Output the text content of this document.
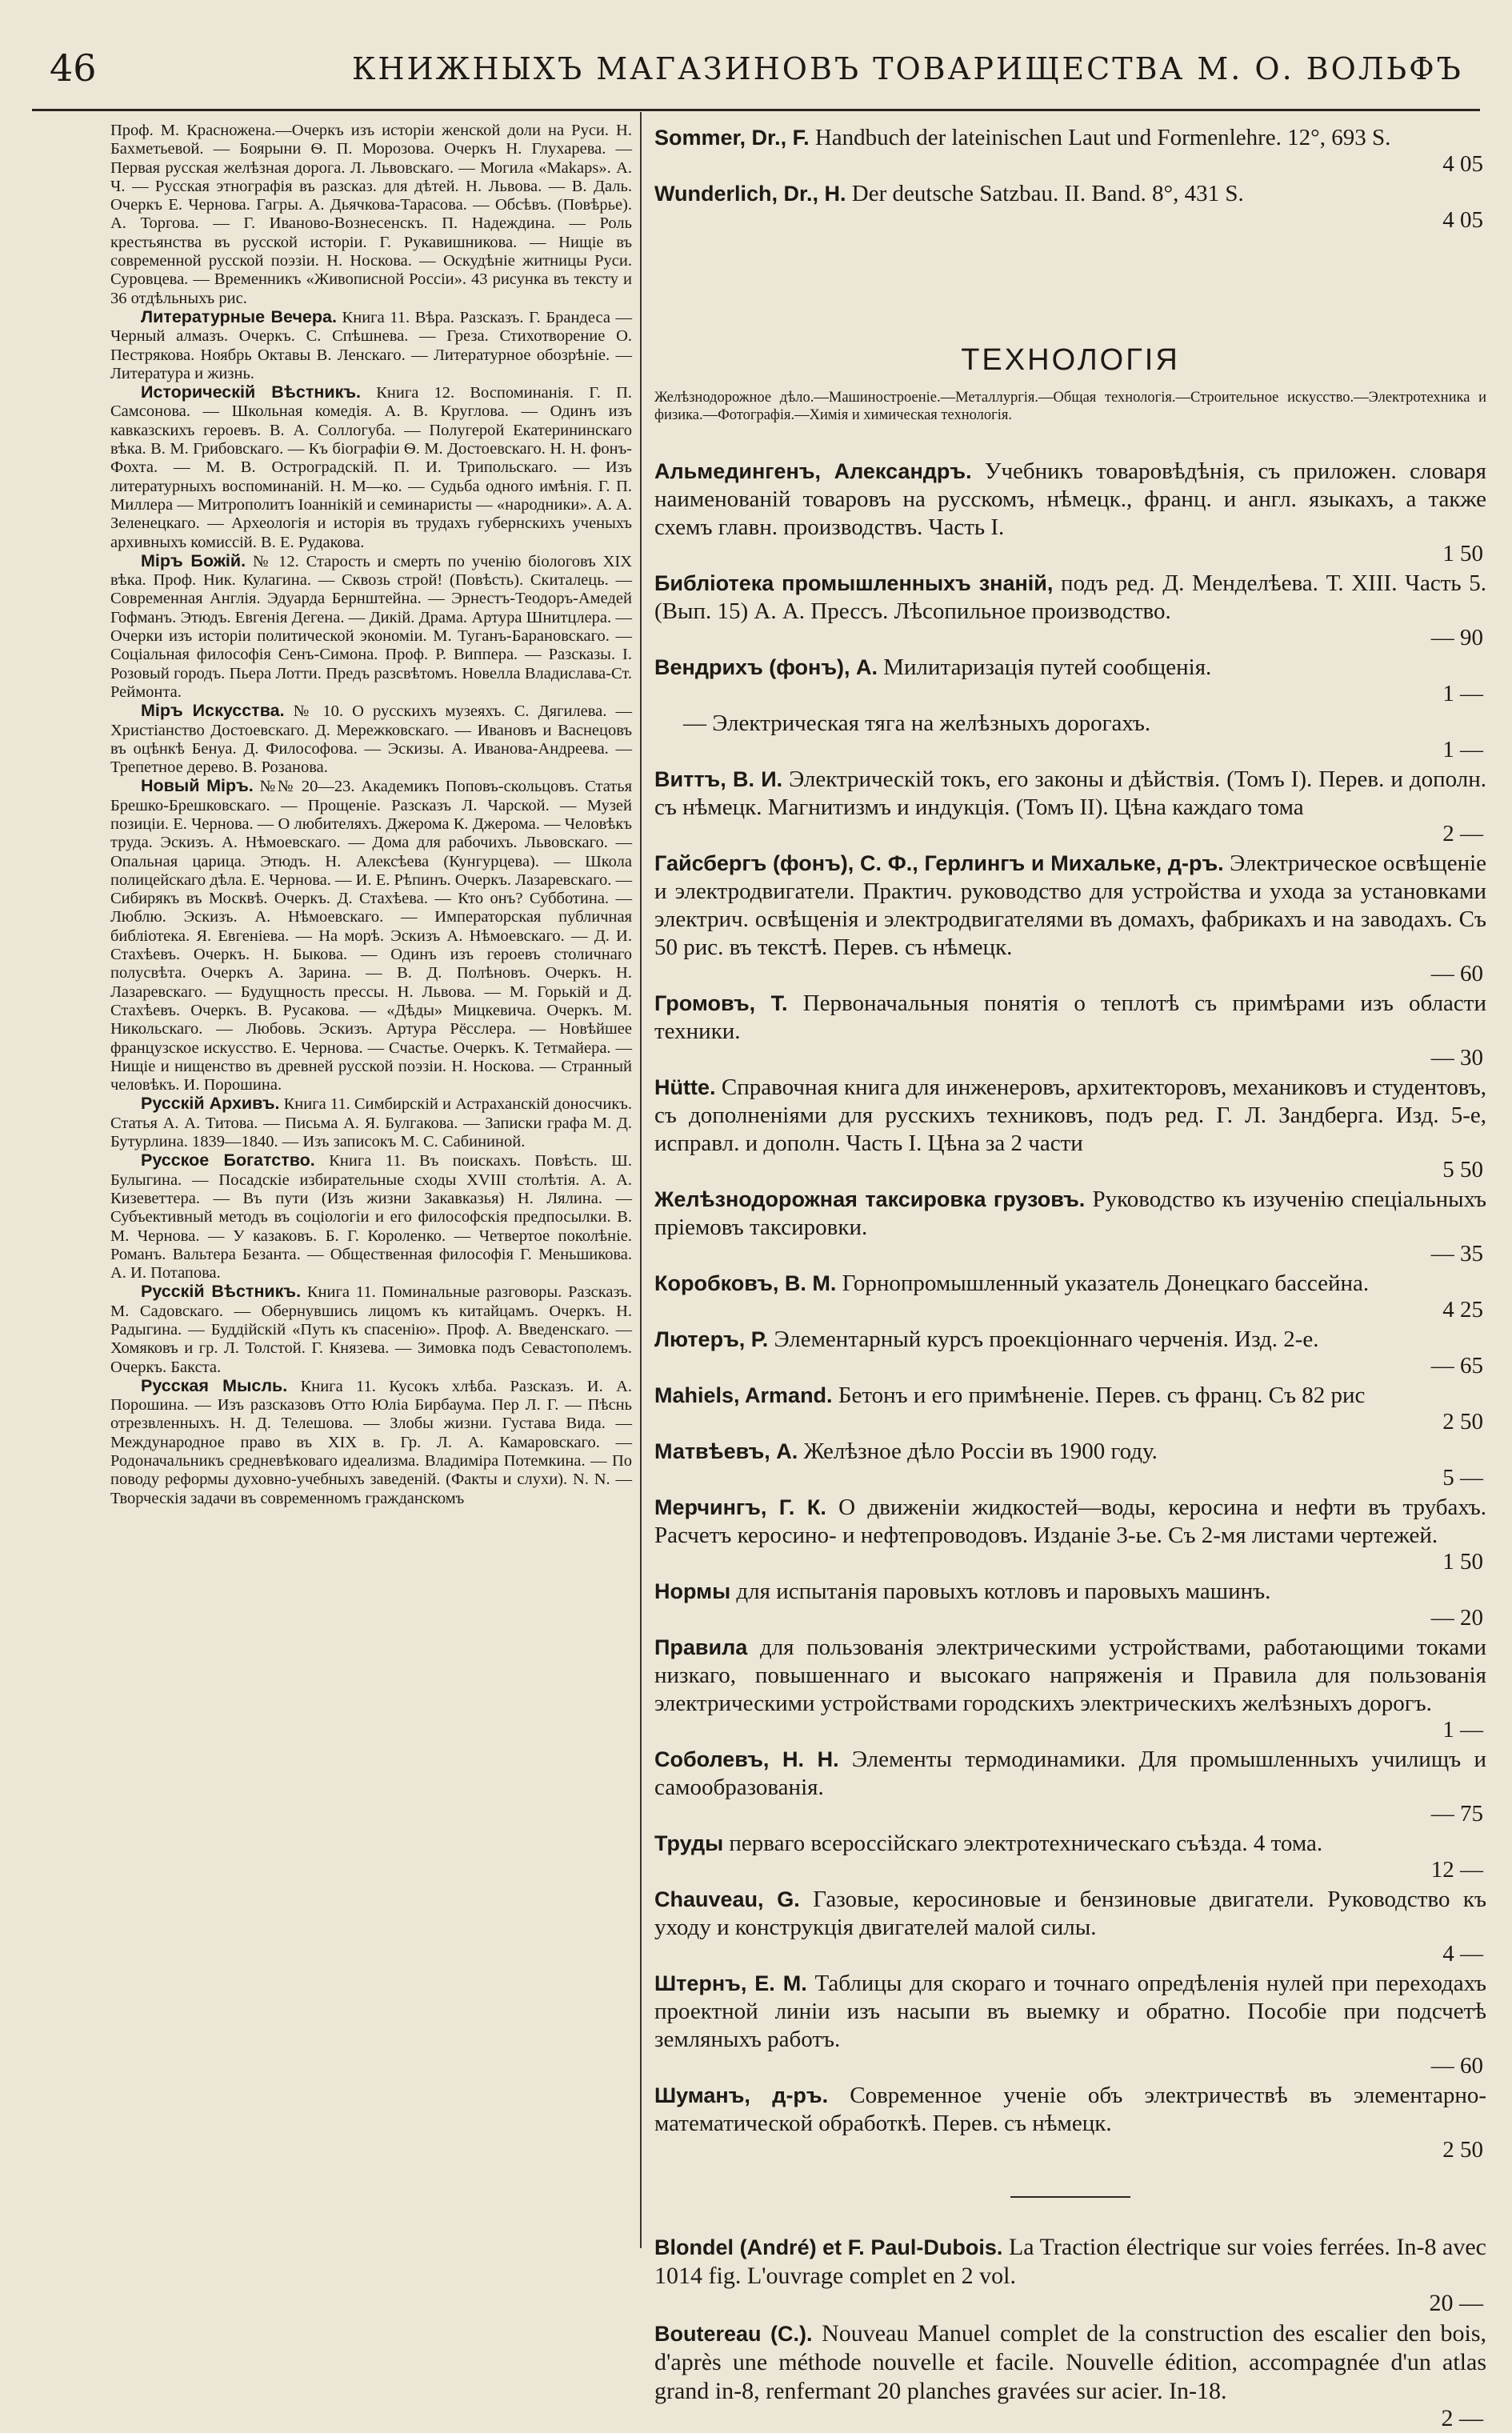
46	КНИЖНЫХЪ МАГАЗИНОВЪ ТОВАРИЩЕСТВА М. О. ВОЛЬФЪ

Проф. М. Красножена.—Очеркъ изъ исторіи женской доли на Руси. Н. Бахметьевой. — Боярыни Ѳ. П. Морозова. Очеркъ Н. Глухарева. — Первая русская желѣзная дорога. Л. Львовскаго. — Могила «Маkaps». А. Ч. — Русская этнографія въ разсказ. для дѣтей. Н. Львова. — В. Даль. Очеркъ Е. Чернова. Гагры. А. Дьячкова-Тарасова. — Обсѣвъ. (Повѣрье). А. Торгова. — Г. Иваново-Вознесенскъ. П. Надеждина. — Роль крестьянства въ русской исторіи. Г. Рукавишникова. — Нищіе въ современной русской поэзіи. Н. Носкова. — Оскудѣніе житницы Руси. Суровцева. — Временникъ «Живописной Россіи». 43 рисунка въ тексту и 36 отдѣльныхъ рис.

Литературные Вечера. Книга 11. Вѣра. Разсказъ. Г. Брандеса — Черный алмазъ. Очеркъ. С. Спѣшнева. — Греза. Стихотворение О. Пестрякова. Ноябрь Октавы В. Ленскаго. — Литературное обозрѣніе. — Литература и жизнь.

Историческій Вѣстникъ. Книга 12. Воспоминанія. Г. П. Самсонова. — Школьная комедія. А. В. Круглова. — Одинъ изъ кавказскихъ героевъ. В. А. Соллогуба. — Полугерой Екатерининскаго вѣка. В. М. Грибовскаго. — Къ біографіи Ѳ. М. Достоевскаго. Н. Н. фонъ-Фохта. — М. В. Остроградскій. П. И. Трипольскаго. — Изъ литературныхъ воспоминаній. Н. М—ко. — Судьба одного имѣнія. Г. П. Миллера — Митрополитъ Іоаннікій и семинаристы — «народники». А. А. Зеленецкаго. — Археологія и исторія въ трудахъ губернскихъ ученыхъ архивныхъ комиссій. В. Е. Рудакова.

Міръ Божій. № 12. Старость и смерть по ученію біологовъ XIX вѣка. Проф. Ник. Кулагина. — Сквозь строй! (Повѣсть). Скиталець. — Современная Англія. Эдуарда Бернштейна. — Эрнестъ-Теодоръ-Амедей Гофманъ. Этюдъ. Евгенія Дегена. — Дикій. Драма. Артура Шнитцлера. — Очерки изъ исторіи политической экономіи. М. Туганъ-Барановскаго. — Соціальная философія Сенъ-Симона. Проф. Р. Виппера. — Разсказы. І. Розовый городъ. Пьера Лотти. Предъ разсвѣтомъ. Новелла Владислава-Ст. Реймонта.

Міръ Искусства. № 10. О русскихъ музеяхъ. С. Дягилева. — Христіанство Достоевскаго. Д. Мережковскаго. — Ивановъ и Васнецовъ въ оцѣнкѣ Бенуа. Д. Философова. — Эскизы. А. Иванова-Андреева. — Трепетное дерево. В. Розанова.

Новый Міръ. №№ 20—23. Академикъ Поповъ-скольцовъ. Статья Брешко-Брешковскаго. — Прощеніе. Разсказъ Л. Чарской. — Музей позиціи. Е. Чернова. — О любителяхъ. Джерома К. Джерома. — Человѣкъ труда. Эскизъ. А. Нѣмоевскаго. — Дома для рабочихъ. Львовскаго. — Опальная царица. Этюдъ. Н. Алексѣева (Кунгурцева). — Школа полицейскаго дѣла. Е. Чернова. — И. Е. Рѣпинъ. Очеркъ. Лазаревскаго. — Сибирякъ въ Москвѣ. Очеркъ. Д. Стахѣева. — Кто онъ? Субботина. — Люблю. Эскизъ. А. Нѣмоевскаго. — Императорская публичная библіотека. Я. Евгеніева. — На морѣ. Эскизъ А. Нѣмоевскаго. — Д. И. Стахѣевъ. Очеркъ. Н. Быкова. — Одинъ изъ героевъ столичнаго полусвѣта. Очеркъ А. Зарина. — В. Д. Полѣновъ. Очеркъ. Н. Лазаревскаго. — Будущность прессы. Н. Львова. — М. Горькій и Д. Стахѣевъ. Очеркъ. В. Русакова. — «Дѣды» Мицкевича. Очеркъ. М. Никольскаго. — Любовь. Эскизъ. Артура Рёсслера. — Новѣйшее французское искусство. Е. Чернова. — Счастье. Очеркъ. К. Тетмайера. — Нищіе и нищенство въ древней русской поэзіи. Н. Носкова. — Странный человѣкъ. И. Порошина.

Русскій Архивъ. Книга 11. Симбирскій и Астраханскій доносчикъ. Статья А. А. Титова. — Письма А. Я. Булгакова. — Записки графа М. Д. Бутурлина. 1839—1840. — Изъ записокъ М. С. Сабининой.

Русское Богатство. Книга 11. Въ поискахъ. Повѣсть. Ш. Булыгина. — Посадскіе избирательные сходы XVIII столѣтія. А. А. Кизеветтера. — Въ пути (Изъ жизни Закавказья) Н. Лялина. — Субъективный методъ въ соціологіи и его философскія предпосылки. В. М. Чернова. — У казаковъ. Б. Г. Короленко. — Четвертое поколѣніе. Романъ. Вальтера Безанта. — Общественная философія Г. Меньшикова. А. И. Потапова.

Русскій Вѣстникъ. Книга 11. Поминальные разговоры. Разсказъ. М. Садовскаго. — Обернувшись лицомъ къ китайцамъ. Очеркъ. Н. Радыгина. — Буддійскій «Путь къ спасенію». Проф. А. Введенскаго. — Хомяковъ и гр. Л. Толстой. Г. Князева. — Зимовка подъ Севастополемъ. Очеркъ. Бакста.

Русская Мысль. Книга 11. Кусокъ хлѣба. Разсказъ. И. А. Порошина. — Изъ разсказовъ Отто Юліа Бирбаума. Пер Л. Г. — Пѣснь отрезвленныхъ. Н. Д. Телешова. — Злобы жизни. Густава Вида. — Международное право въ XIX в. Гр. Л. А. Камаровскаго. — Родоначальникъ средневѣковаго идеализма. Владиміра Потемкина. — По поводу реформы духовно-учебныхъ заведеній. (Факты и слухи). N. N. — Творческія задачи въ современномъ гражданскомъ

Sommer, Dr., F. Handbuch der lateinischen Laut und Formenlehre. 12°, 693 S.
4 05
Wunderlich, Dr., H. Der deutsche Satzbau. II. Band. 8°, 431 S.
4 05
ТЕХНОЛОГІЯ
Желѣзнодорожное дѣло.—Машиностроеніе.—Металлургія.—Общая технологія.—Строительное искусство.—Электротехника и физика.—Фотографія.—Химія и химическая технологія.
Альмедингенъ, Александръ. Учебникъ товаровѣдѣнія, съ приложен. словаря наименованій товаровъ на русскомъ, нѣмецк., франц. и англ. языкахъ, а также схемъ главн. производствъ. Часть I.
1 50
Библіотека промышленныхъ знаній, подъ ред. Д. Менделѣева. Т. XIII. Часть 5. (Вып. 15) А. А. Прессъ. Лѣсопильное производство.
— 90
Вендрихъ (фонъ), А. Милитаризація путей сообщенія.
1 —
— Электрическая тяга на желѣзныхъ дорогахъ.
1 —
Виттъ, В. И. Электрическій токъ, его законы и дѣйствія. (Томъ I). Перев. и дополн. съ нѣмецк. Магнитизмъ и индукція. (Томъ II). Цѣна каждаго тома
2 —
Гайсбергъ (фонъ), С. Ф., Герлингъ и Михальке, д-ръ. Электрическое освѣщеніе и электродвигатели. Практич. руководство для устройства и ухода за установками электрич. освѣщенія и электродвигателями въ домахъ, фабрикахъ и на заводахъ. Съ 50 рис. въ текстѣ. Перев. съ нѣмецк.
— 60
Громовъ, Т. Первоначальныя понятія о теплотѣ съ примѣрами изъ области техники.
— 30
Hütte. Справочная книга для инженеровъ, архитекторовъ, механиковъ и студентовъ, съ дополненіями для русскихъ техниковъ, подъ ред. Г. Л. Зандберга. Изд. 5-е, исправл. и дополн. Часть I. Цѣна за 2 части
5 50
Желѣзнодорожная таксировка грузовъ. Руководство къ изученію спеціальныхъ пріемовъ таксировки.
— 35
Коробковъ, В. М. Горнопромышленный указатель Донецкаго бассейна.
4 25
Лютеръ, Р. Элементарный курсъ проекціоннаго черченія. Изд. 2-е.
— 65
Mahiels, Armand. Бетонъ и его примѣненіе. Перев. съ франц. Съ 82 рис
2 50
Матвѣевъ, А. Желѣзное дѣло Россіи въ 1900 году.
5 —
Мерчингъ, Г. К. О движеніи жидкостей—воды, керосина и нефти въ трубахъ. Расчетъ керосино- и нефтепроводовъ. Изданіе 3-ье. Съ 2-мя листами чертежей.
1 50
Нормы для испытанія паровыхъ котловъ и паровыхъ машинъ.
— 20
Правила для пользованія электрическими устройствами, работающими токами низкаго, повышеннаго и высокаго напряженія и Правила для пользованія электрическими устройствами городскихъ электрическихъ желѣзныхъ дорогъ.
1 —
Соболевъ, Н. Н. Элементы термодинамики. Для промышленныхъ училищъ и самообразованія.
— 75
Труды перваго всероссійскаго электротехническаго съѣзда. 4 тома.
12 —
Chauveau, G. Газовые, керосиновые и бензиновые двигатели. Руководство къ уходу и конструкція двигателей малой силы.
4 —
Штернъ, Е. М. Таблицы для скораго и точнаго опредѣленія нулей при переходахъ проектной линіи изъ насыпи въ выемку и обратно. Пособіе при подсчетѣ земляныхъ работъ.
— 60
Шуманъ, д-ръ. Современное ученіе объ электричествѣ въ элементарно-математической обработкѣ. Перев. съ нѣмецк.
2 50
Blondel (André) et F. Paul-Dubois. La Traction électrique sur voies ferrées. In-8 avec 1014 fig. L'ouvrage complet en 2 vol.
20 —
Boutereau (C.). Nouveau Manuel complet de la construction des escalier den bois, d'après une méthode nouvelle et facile. Nouvelle édition, accompagnée d'un atlas grand in-8, renfermant 20 planches gravées sur acier. In-18.
2 —
